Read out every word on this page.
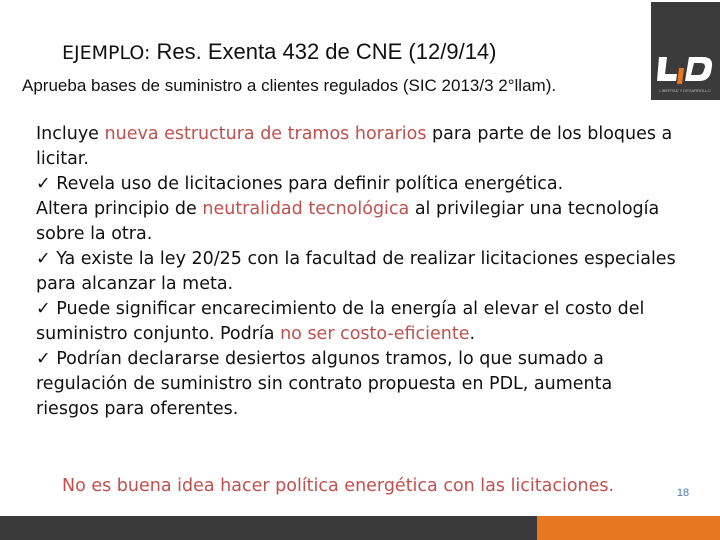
EJEMPLO: Res. Exenta 432 de CNE (12/9/14)
Aprueba bases de suministro a clientes regulados (SIC 2013/3 2°llam).	LIBERTAD Y DESARROLLO

Incluye nueva estructura de tramos horarios para parte de los bloques a licitar.

✓ Revela uso de licitaciones para definir política energética.

Altera principio de neutralidad tecnológica al privilegiar una tecnología sobre la otra.

✓ Ya existe la ley 20/25 con la facultad de realizar licitaciones especiales para alcanzar la meta.

✓ Puede significar encarecimiento de la energía al elevar el costo del suministro conjunto. Podría no ser costo-eficiente.

✓ Podrían declararse desiertos algunos tramos, lo que sumado a regulación de suministro sin contrato propuesta en PDL, aumenta riesgos para oferentes.

No es buena idea hacer política energética con las licitaciones.	18
